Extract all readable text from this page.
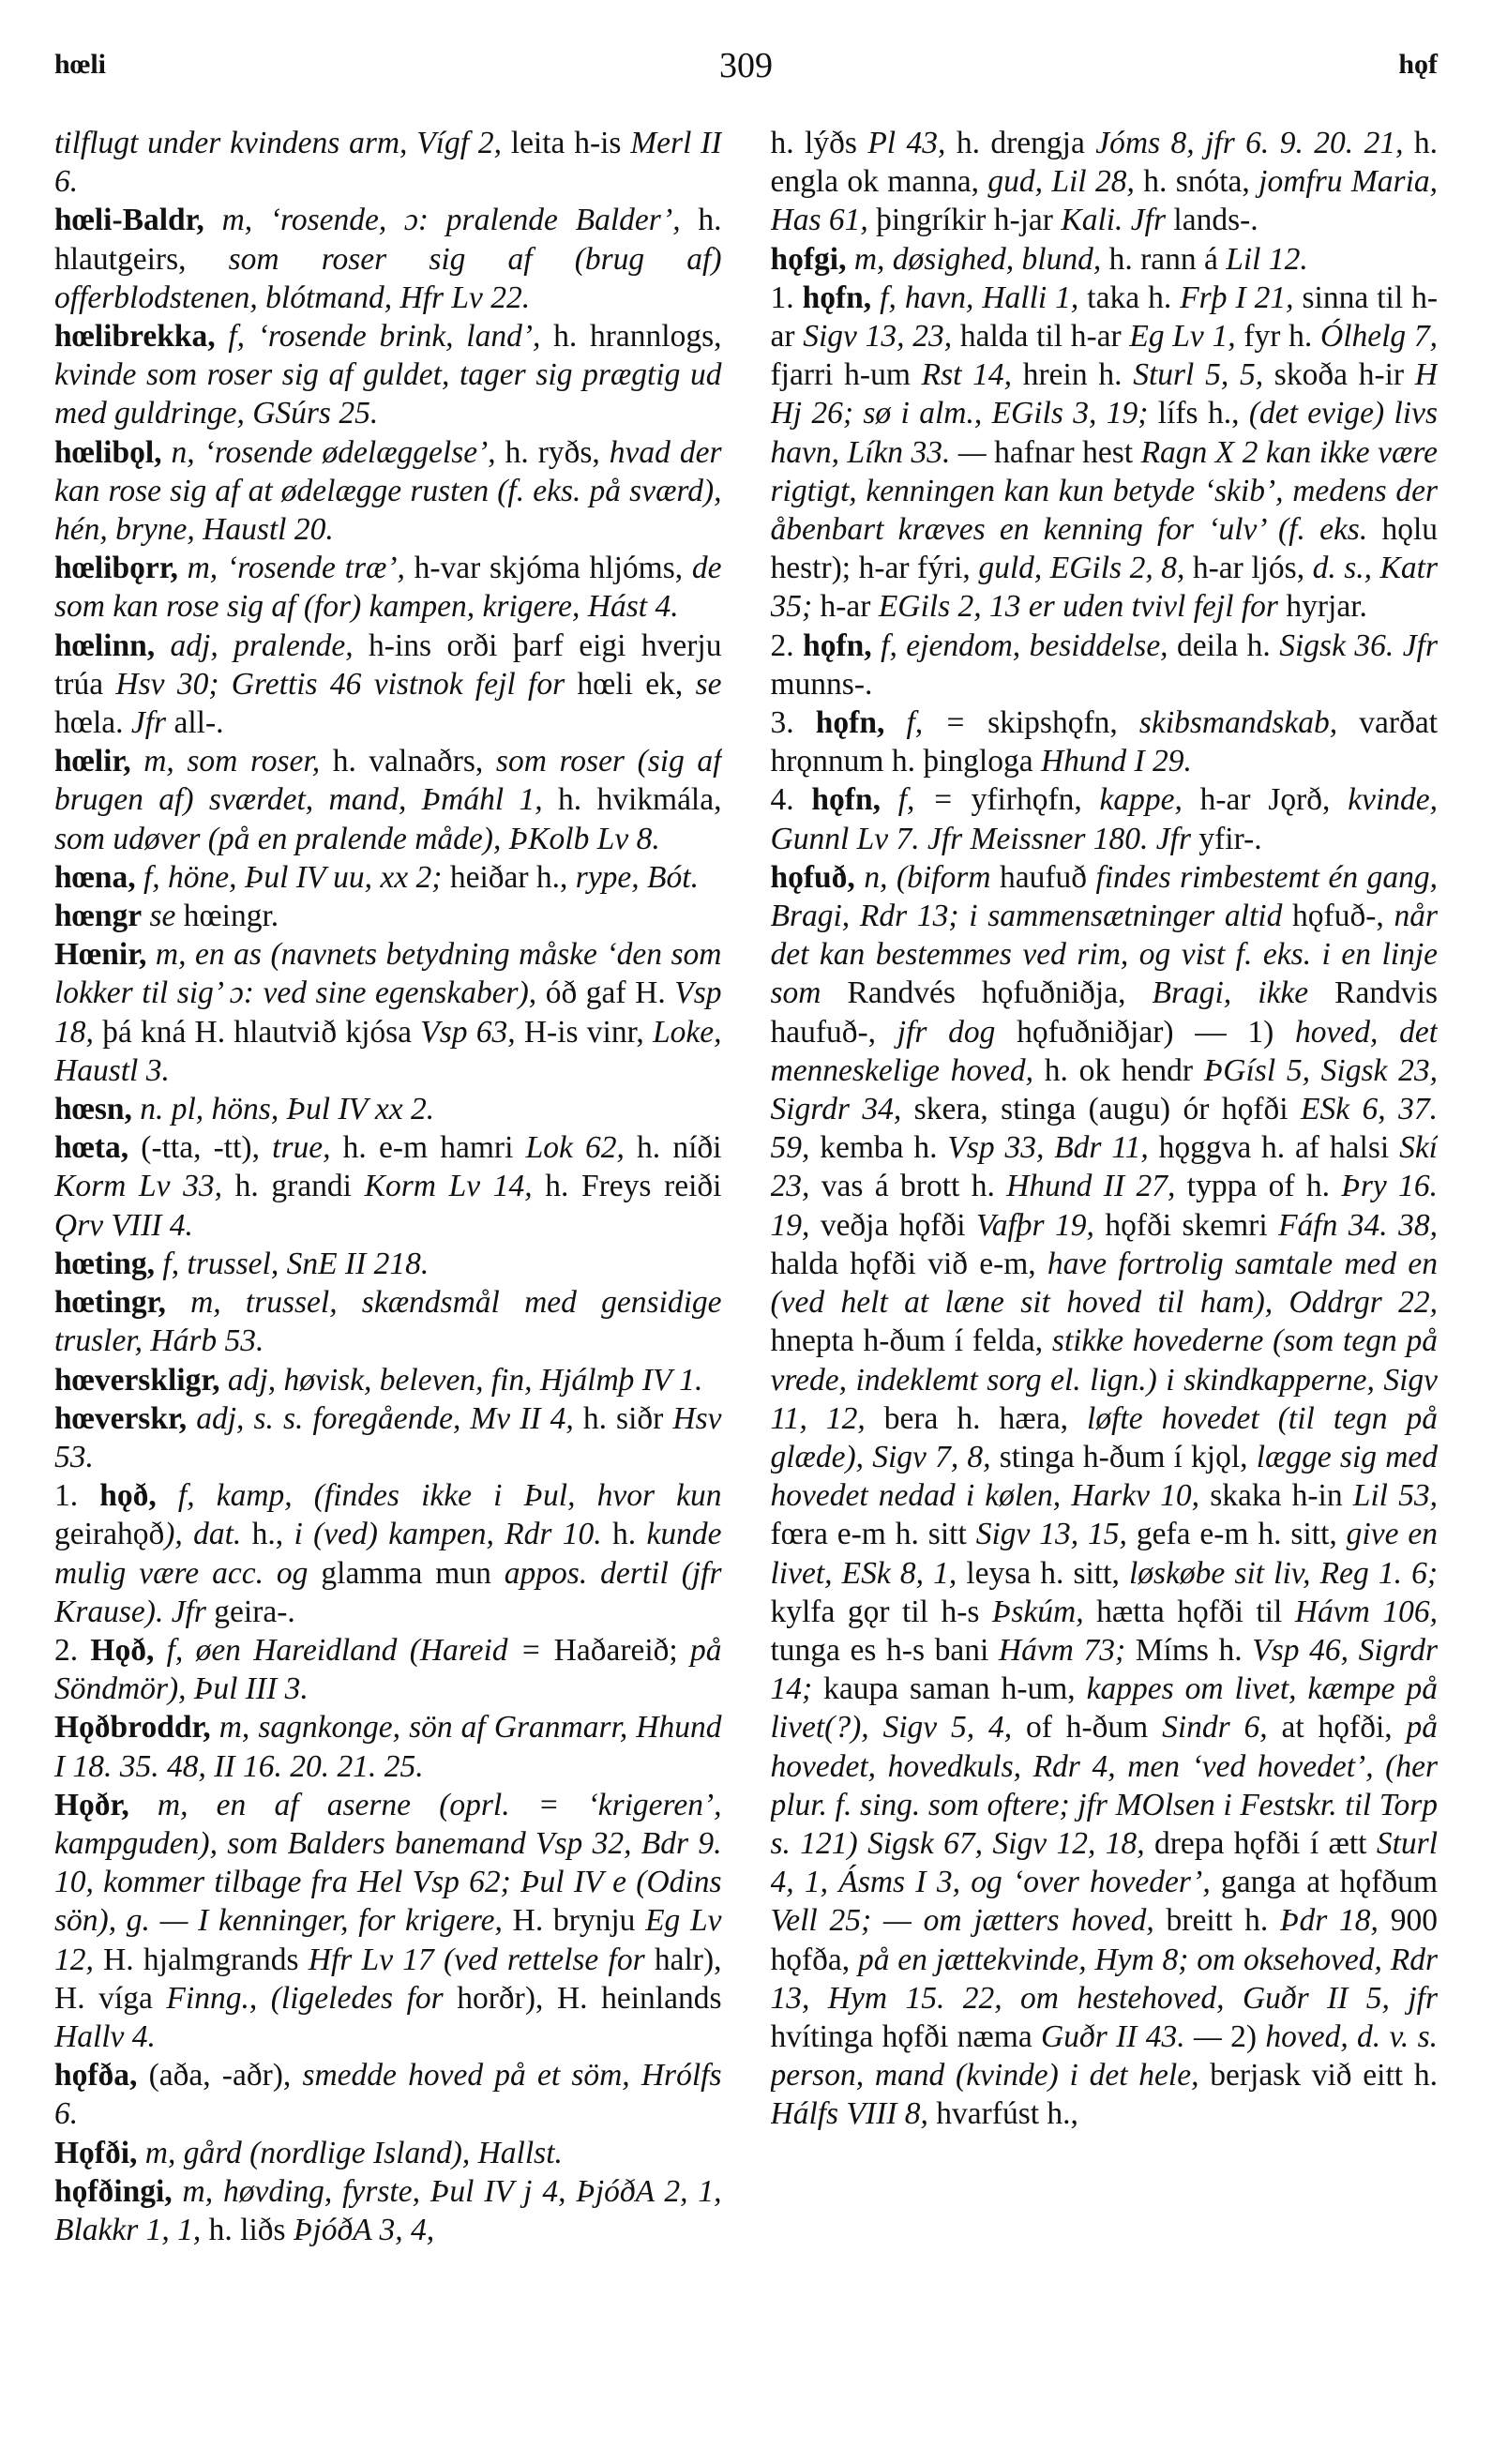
hœli	309	hǫf

tilflugt under kvindens arm, Vígf 2, leita h-is Merl II 6.

hœli-Baldr, m, ‘rosende, ɔ: pralende Balder’, h. hlautgeirs, som roser sig af (brug af) offerblodstenen, blótmand, Hfr Lv 22.

hœlibrekka, f, ‘rosende brink, land’, h. hrannlogs, kvinde som roser sig af guldet, tager sig prægtig ud med guldringe, GSúrs 25.

hœlibǫl, n, ‘rosende ødelæggelse’, h. ryðs, hvad der kan rose sig af at ødelægge rusten (f. eks. på sværd), hén, bryne, Haustl 20.

hœlibǫrr, m, ‘rosende træ’, h-var skjóma hljóms, de som kan rose sig af (for) kampen, krigere, Hást 4.

hœlinn, adj, pralende, h-ins orði þarf eigi hverju trúa Hsv 30; Grettis 46 vistnok fejl for hœli ek, se hœla. Jfr all-.

hœlir, m, som roser, h. valnaðrs, som roser (sig af brugen af) sværdet, mand, Þmáhl 1, h. hvikmála, som udøver (på en pralende måde), ÞKolb Lv 8.

hœna, f, höne, Þul IV uu, xx 2; heiðar h., rype, Bót.

hœngr se hœingr.

Hœnir, m, en as (navnets betydning måske ‘den som lokker til sig’ ɔ: ved sine egenskaber), óð gaf H. Vsp 18, þá kná H. hlautvið kjósa Vsp 63, H-is vinr, Loke, Haustl 3.

hœsn, n. pl, höns, Þul IV xx 2.

hœta, (-tta, -tt), true, h. e-m hamri Lok 62, h. níði Korm Lv 33, h. grandi Korm Lv 14, h. Freys reiði Ǫrv VIII 4.

hœting, f, trussel, SnE II 218.

hœtingr, m, trussel, skændsmål med gensidige trusler, Hárb 53.

hœverskligr, adj, høvisk, beleven, fin, Hjálmþ IV 1.

hœverskr, adj, s. s. foregående, Mv II 4, h. siðr Hsv 53.

1. hǫð, f, kamp, (findes ikke i Þul, hvor kun geirahǫð), dat. h., i (ved) kampen, Rdr 10. h. kunde mulig være acc. og glamma mun appos. dertil (jfr Krause). Jfr geira-.

2. Hǫð, f, øen Hareidland (Hareid = Haðareið; på Söndmör), Þul III 3.

Hǫðbroddr, m, sagnkonge, sön af Granmarr, Hhund I 18. 35. 48, II 16. 20. 21. 25.

Hǫðr, m, en af aserne (oprl. = ‘krigeren’, kampguden), som Balders banemand Vsp 32, Bdr 9. 10, kommer tilbage fra Hel Vsp 62; Þul IV e (Odins sön), g. — I kenninger, for krigere, H. brynju Eg Lv 12, H. hjalmgrands Hfr Lv 17 (ved rettelse for halr), H. víga Finng., (ligeledes for horðr), H. heinlands Hallv 4.

hǫfða, (aða, -aðr), smedde hoved på et söm, Hrólfs 6.

Hǫfði, m, gård (nordlige Island), Hallst.

hǫfðingi, m, høvding, fyrste, Þul IV j 4, ÞjóðA 2, 1, Blakkr 1, 1, h. liðs ÞjóðA 3, 4,

h. lýðs Pl 43, h. drengja Jóms 8, jfr 6. 9. 20. 21, h. engla ok manna, gud, Lil 28, h. snóta, jomfru Maria, Has 61, þingríkir h-jar Kali. Jfr lands-.

hǫfgi, m, døsighed, blund, h. rann á Lil 12.

1. hǫfn, f, havn, Halli 1, taka h. Frþ I 21, sinna til h-ar Sigv 13, 23, halda til h-ar Eg Lv 1, fyr h. Ólhelg 7, fjarri h-um Rst 14, hrein h. Sturl 5, 5, skoða h-ir H Hj 26; sø i alm., EGils 3, 19; lífs h., (det evige) livs havn, Líkn 33. — hafnar hest Ragn X 2 kan ikke være rigtigt, kenningen kan kun betyde ‘skib’, medens der åbenbart kræves en kenning for ‘ulv’ (f. eks. hǫlu hestr); h-ar fýri, guld, EGils 2, 8, h-ar ljós, d. s., Katr 35; h-ar EGils 2, 13 er uden tvivl fejl for hyrjar.

2. hǫfn, f, ejendom, besiddelse, deila h. Sigsk 36. Jfr munns-.

3. hǫfn, f, = skipshǫfn, skibsmandskab, varðat hrǫnnum h. þingloga Hhund I 29.

4. hǫfn, f, = yfirhǫfn, kappe, h-ar Jǫrð, kvinde, Gunnl Lv 7. Jfr Meissner 180. Jfr yfir-.

hǫfuð, n, (biform haufuð findes rimbestemt én gang, Bragi, Rdr 13; i sammensætninger altid hǫfuð-, når det kan bestemmes ved rim, og vist f. eks. i en linje som Randvés hǫfuðniðja, Bragi, ikke Randvis haufuð-, jfr dog hǫfuðniðjar) — 1) hoved, det menneskelige hoved, h. ok hendr ÞGísl 5, Sigsk 23, Sigrdr 34, skera, stinga (augu) ór hǫfði ESk 6, 37. 59, kemba h. Vsp 33, Bdr 11, hǫggva h. af halsi Skí 23, vas á brott h. Hhund II 27, typpa of h. Þry 16. 19, veðja hǫfði Vafþr 19, hǫfði skemri Fáfn 34. 38, halda hǫfði við e-m, have fortrolig samtale med en (ved helt at læne sit hoved til ham), Oddrgr 22, hnepta h-ðum í felda, stikke hovederne (som tegn på vrede, indeklemt sorg el. lign.) i skindkapperne, Sigv 11, 12, bera h. hæra, løfte hovedet (til tegn på glæde), Sigv 7, 8, stinga h-ðum í kjǫl, lægge sig med hovedet nedad i kølen, Harkv 10, skaka h-in Lil 53, fœra e-m h. sitt Sigv 13, 15, gefa e-m h. sitt, give en livet, ESk 8, 1, leysa h. sitt, løskøbe sit liv, Reg 1. 6; kylfa gǫr til h-s Þskúm, hætta hǫfði til Hávm 106, tunga es h-s bani Hávm 73; Míms h. Vsp 46, Sigrdr 14; kaupa saman h-um, kappes om livet, kæmpe på livet(?), Sigv 5, 4, of h-ðum Sindr 6, at hǫfði, på hovedet, hovedkuls, Rdr 4, men ‘ved hovedet’, (her plur. f. sing. som oftere; jfr MOlsen i Festskr. til Torp s. 121) Sigsk 67, Sigv 12, 18, drepa hǫfði í ætt Sturl 4, 1, Ásms I 3, og ‘over hoveder’, ganga at hǫfðum Vell 25; — om jætters hoved, breitt h. Þdr 18, 900 hǫfða, på en jættekvinde, Hym 8; om oksehoved, Rdr 13, Hym 15. 22, om hestehoved, Guðr II 5, jfr hvítinga hǫfði næma Guðr II 43. — 2) hoved, d. v. s. person, mand (kvinde) i det hele, berjask við eitt h. Hálfs VIII 8, hvarfúst h.,
